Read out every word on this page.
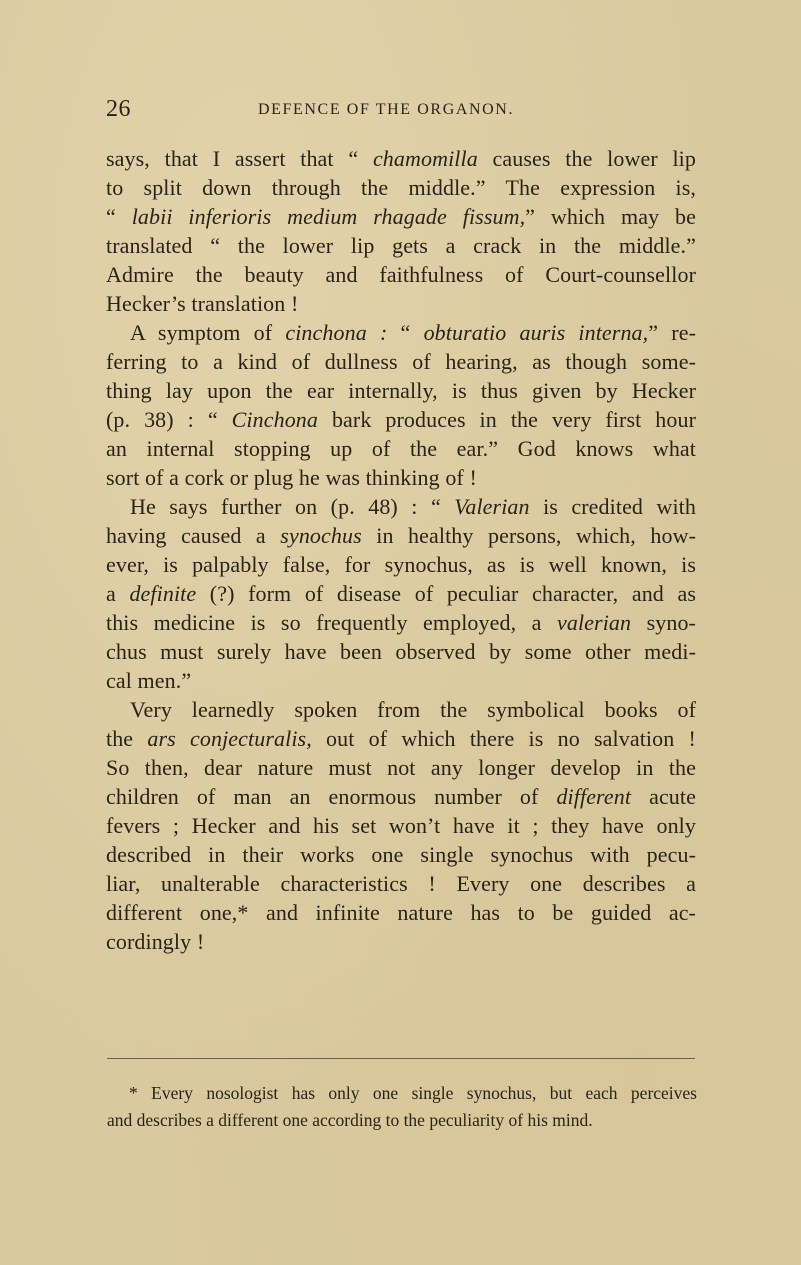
26	DEFENCE OF THE ORGANON.
says, that I assert that “ chamomilla causes the lower lip
to split down through the middle.” The expression is,
“ labii inferioris medium rhagade fissum,” which may be
translated “ the lower lip gets a crack in the middle.”
Admire the beauty and faithfulness of Court-counsellor
Hecker’s translation !
A symptom of cinchona : “ obturatio auris interna,” re-
ferring to a kind of dullness of hearing, as though some-
thing lay upon the ear internally, is thus given by Hecker
(p. 38) : “ Cinchona bark produces in the very first hour
an internal stopping up of the ear.” God knows what
sort of a cork or plug he was thinking of !
He says further on (p. 48) : “ Valerian is credited with
having caused a synochus in healthy persons, which, how-
ever, is palpably false, for synochus, as is well known, is
a definite (?) form of disease of peculiar character, and as
this medicine is so frequently employed, a valerian syno-
chus must surely have been observed by some other medi-
cal men.”
Very learnedly spoken from the symbolical books of
the ars conjecturalis, out of which there is no salvation !
So then, dear nature must not any longer develop in the
children of man an enormous number of different acute
fevers ; Hecker and his set won’t have it ; they have only
described in their works one single synochus with pecu-
liar, unalterable characteristics ! Every one describes a
different one,* and infinite nature has to be guided ac-
cordingly !
* Every nosologist has only one single synochus, but each perceives
and describes a different one according to the peculiarity of his mind.
